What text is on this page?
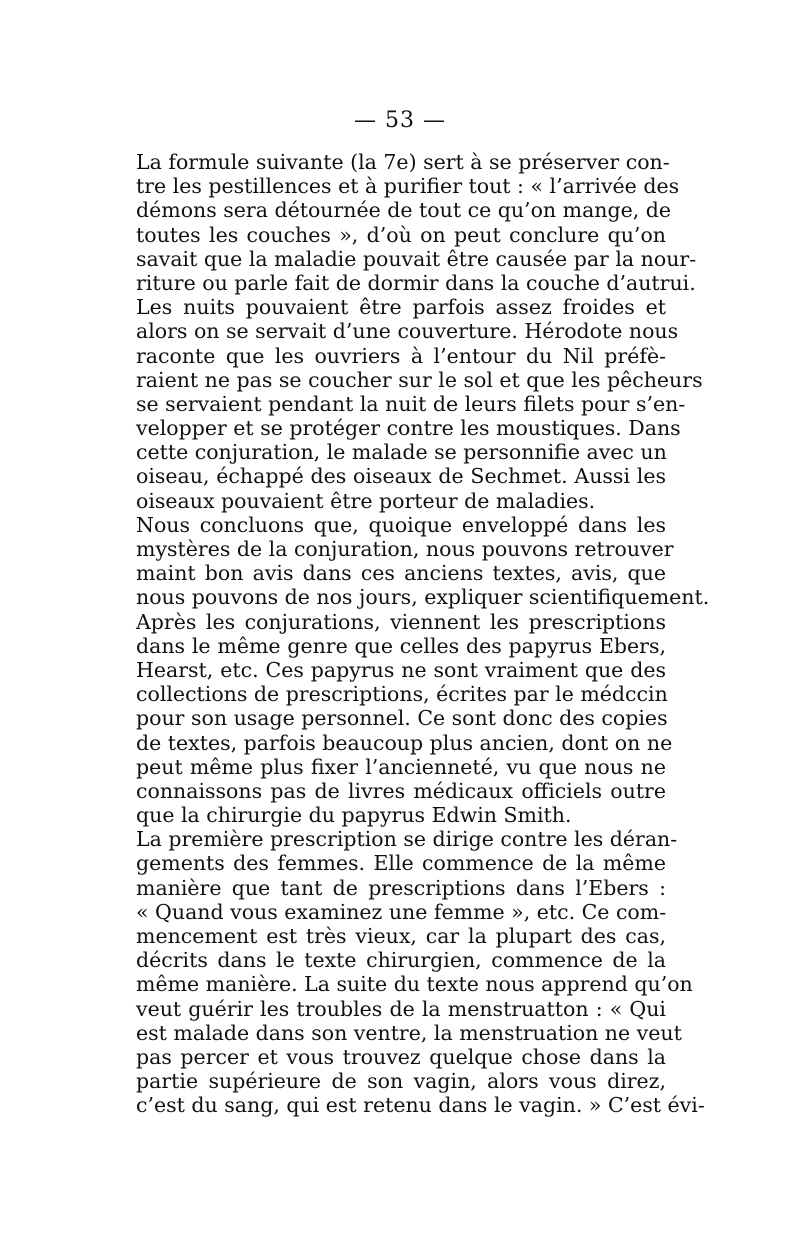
— 53 —
La formule suivante (la 7e) sert à se préserver con-
tre les pestillences et à purifier tout : « l’arrivée des
démons sera détournée de tout ce qu’on mange, de
toutes les couches », d’où on peut conclure qu’on
savait que la maladie pouvait être causée par la nour-
riture ou parle fait de dormir dans la couche d’autrui.
Les nuits pouvaient être parfois assez froides et
alors on se servait d’une couverture. Hérodote nous
raconte que les ouvriers à l’entour du Nil préfè-
raient ne pas se coucher sur le sol et que les pêcheurs
se servaient pendant la nuit de leurs filets pour s’en-
velopper et se protéger contre les moustiques. Dans
cette conjuration, le malade se personnifie avec un
oiseau, échappé des oiseaux de Sechmet. Aussi les
oiseaux pouvaient être porteur de maladies.
Nous concluons que, quoique enveloppé dans les
mystères de la conjuration, nous pouvons retrouver
maint bon avis dans ces anciens textes, avis, que
nous pouvons de nos jours, expliquer scientifiquement.
Après les conjurations, viennent les prescriptions
dans le même genre que celles des papyrus Ebers,
Hearst, etc. Ces papyrus ne sont vraiment que des
collections de prescriptions, écrites par le médccin
pour son usage personnel. Ce sont donc des copies
de textes, parfois beaucoup plus ancien, dont on ne
peut même plus fixer l’ancienneté, vu que nous ne
connaissons pas de livres médicaux officiels outre
que la chirurgie du papyrus Edwin Smith.
La première prescription se dirige contre les déran-
gements des femmes. Elle commence de la même
manière que tant de prescriptions dans l’Ebers :
« Quand vous examinez une femme », etc. Ce com-
mencement est très vieux, car la plupart des cas,
décrits dans le texte chirurgien, commence de la
même manière. La suite du texte nous apprend qu’on
veut guérir les troubles de la menstruatton : « Qui
est malade dans son ventre, la menstruation ne veut
pas percer et vous trouvez quelque chose dans la
partie supérieure de son vagin, alors vous direz,
c’est du sang, qui est retenu dans le vagin. » C’est évi-
